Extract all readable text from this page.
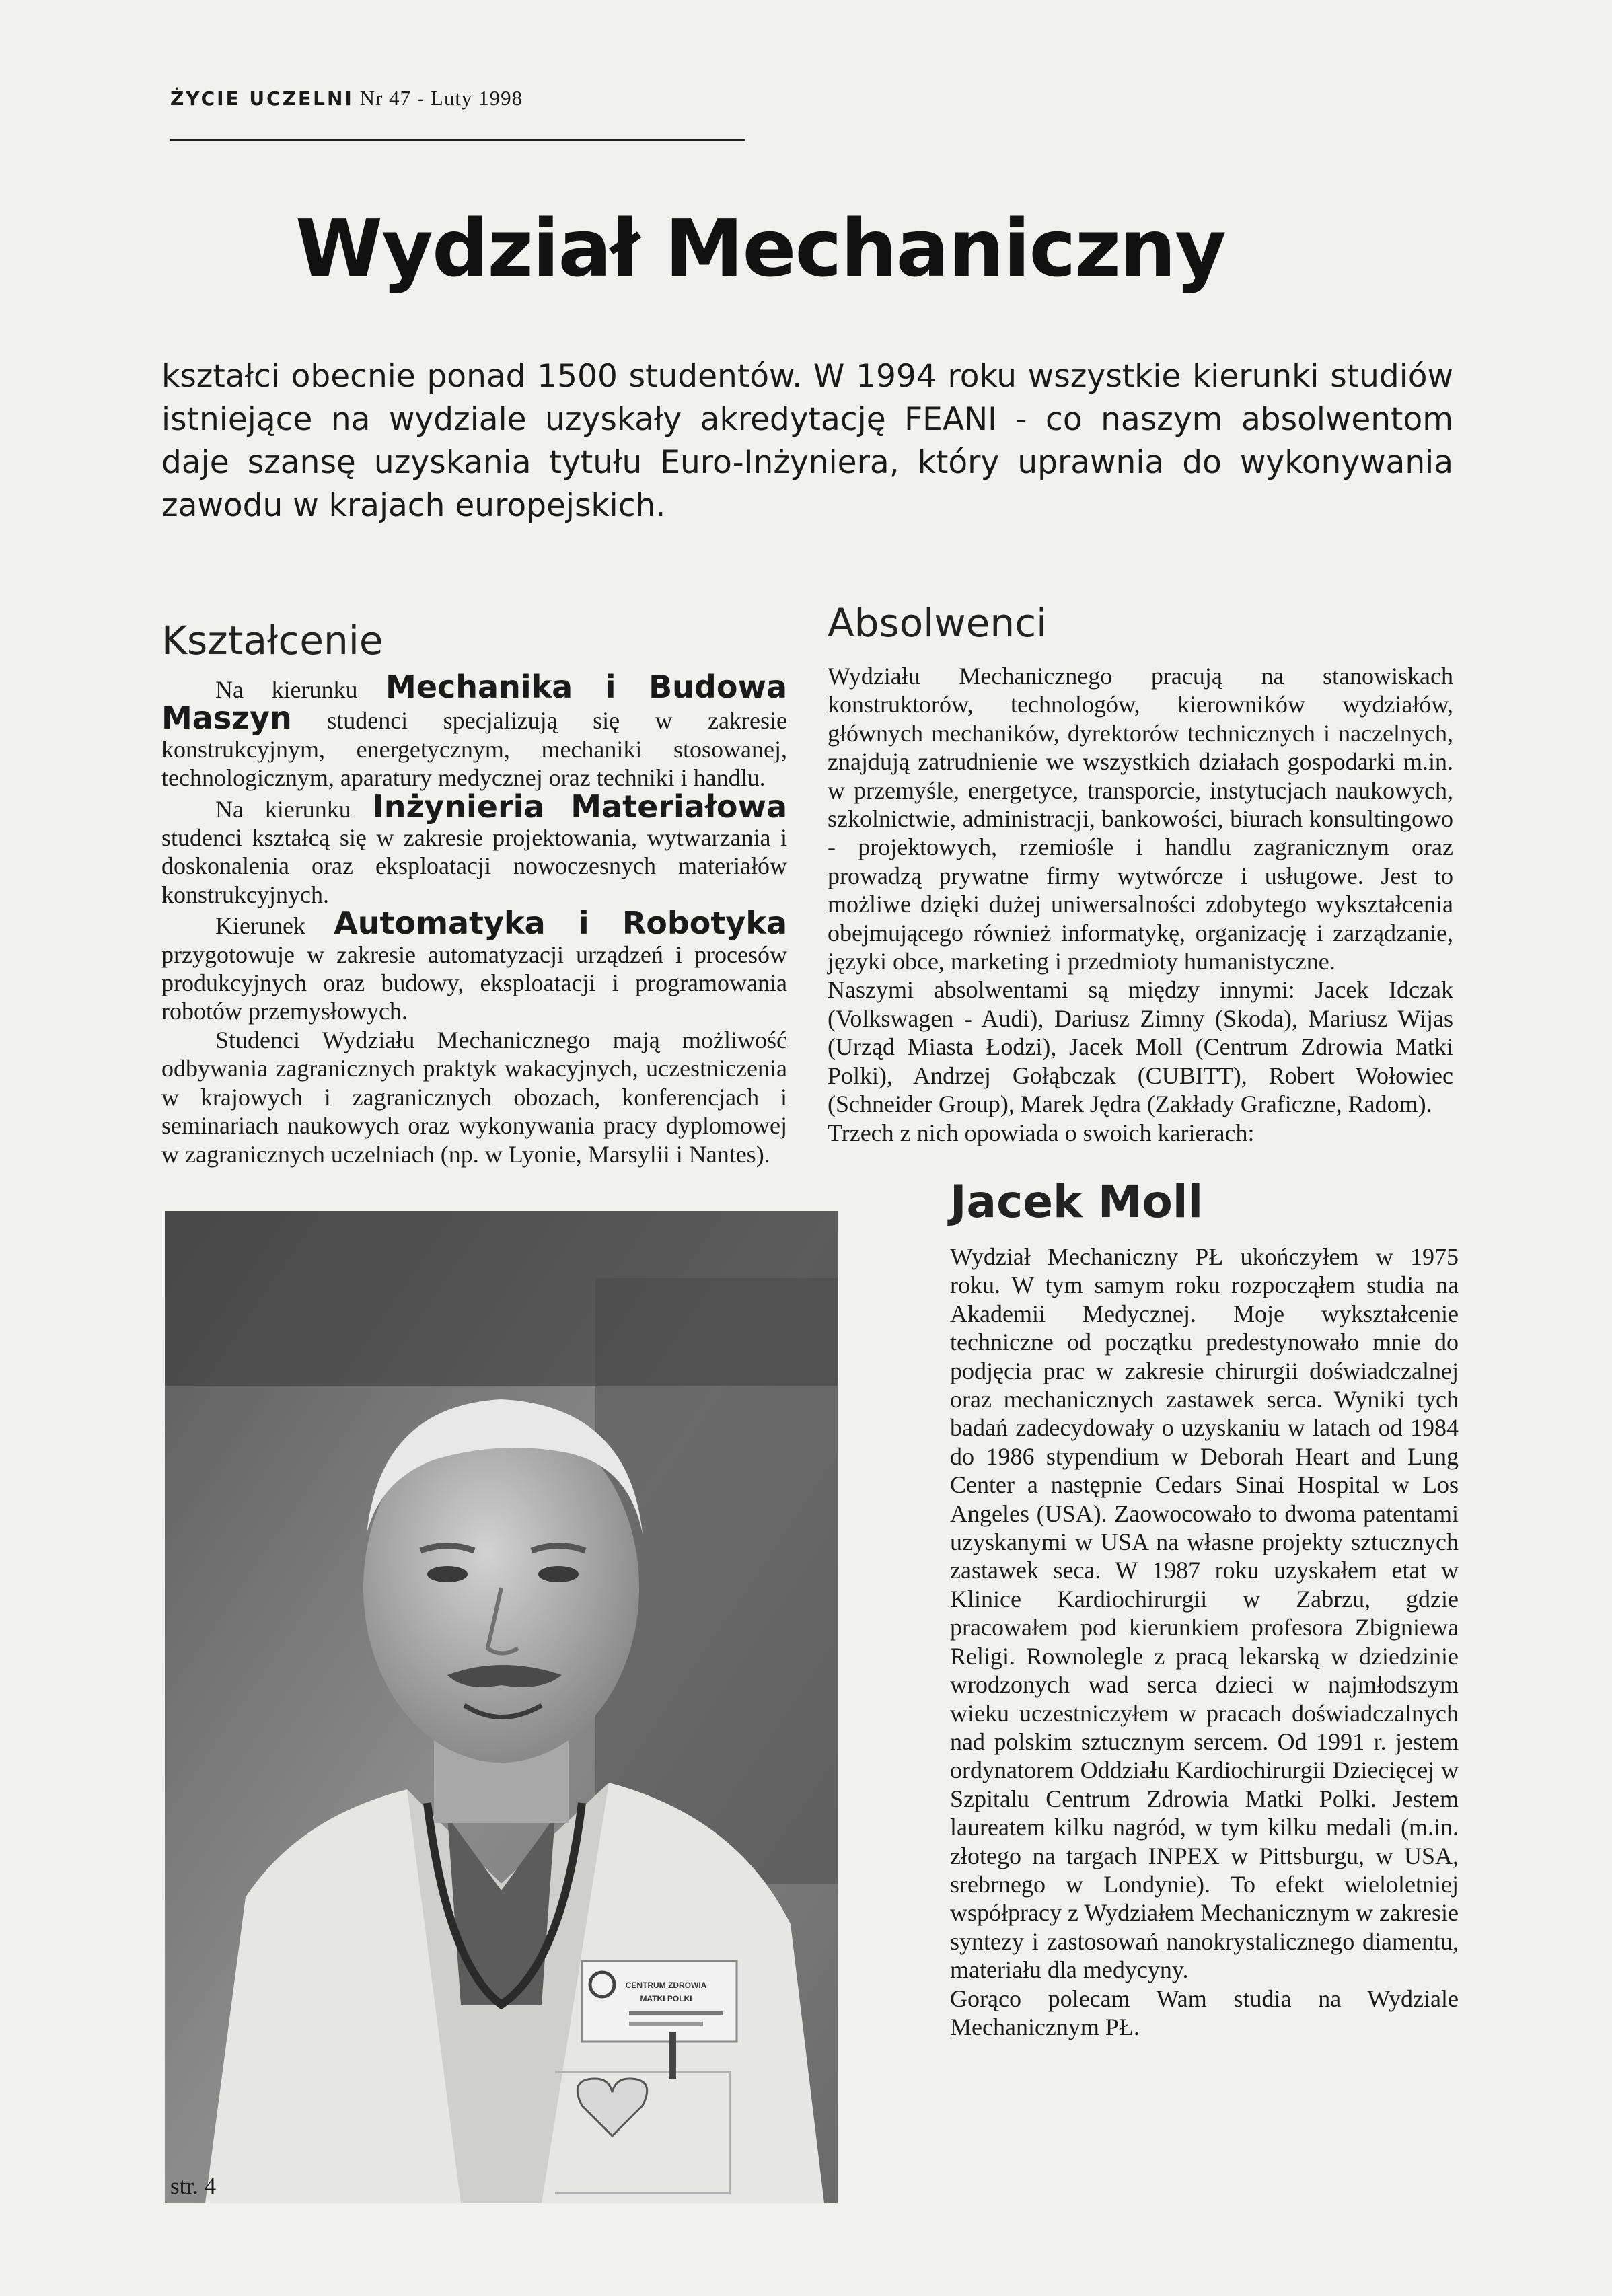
ŻYCIE UCZELNI Nr 47 - Luty 1998
Wydział Mechaniczny
kształci obecnie ponad 1500 studentów. W 1994 roku wszystkie kierunki studiów istniejące na wydziale uzyskały akredytację FEANI - co naszym absolwentom daje szansę uzyskania tytułu Euro-Inżyniera, który uprawnia do wykonywania zawodu w krajach europejskich.
Kształcenie

Na kierunku Mechanika i Budowa Maszyn studenci specjalizują się w zakresie konstrukcyjnym, energetycznym, mechaniki stosowanej, technologicznym, aparatury medycznej oraz techniki i handlu.

Na kierunku Inżynieria Materiałowa studenci kształcą się w zakresie projektowania, wytwarzania i doskonalenia oraz eksploatacji nowoczesnych materiałów konstrukcyjnych.

Kierunek Automatyka i Robotyka przygotowuje w zakresie automatyzacji urządzeń i procesów produkcyjnych oraz budowy, eksploatacji i programowania robotów przemysłowych.

Studenci Wydziału Mechanicznego mają możliwość odbywania zagranicznych praktyk wakacyjnych, uczestniczenia w krajowych i zagranicznych obozach, konferencjach i seminariach naukowych oraz wykonywania pracy dyplomowej w zagranicznych uczelniach (np. w Lyonie, Marsylii i Nantes).

Absolwenci

Wydziału Mechanicznego pracują na stanowiskach konstruktorów, technologów, kierowników wydziałów, głównych mechaników, dyrektorów technicznych i naczelnych, znajdują zatrudnienie we wszystkich działach gospodarki m.in. w przemyśle, energetyce, transporcie, instytucjach naukowych, szkolnictwie, administracji, bankowości, biurach konsultingowo - projektowych, rzemiośle i handlu zagranicznym oraz prowadzą prywatne firmy wytwórcze i usługowe. Jest to możliwe dzięki dużej uniwersalności zdobytego wykształcenia obejmującego również informatykę, organizację i zarządzanie, języki obce, marketing i przedmioty humanistyczne.

Naszymi absolwentami są między innymi: Jacek Idczak (Volkswagen - Audi), Dariusz Zimny (Skoda), Mariusz Wijas (Urząd Miasta Łodzi), Jacek Moll (Centrum Zdrowia Matki Polki), Andrzej Gołąbczak (CUBITT), Robert Wołowiec (Schneider Group), Marek Jędra (Zakłady Graficzne, Radom).

Trzech z nich opowiada o swoich karierach:

Jacek Moll

Wydział Mechaniczny PŁ ukończyłem w 1975 roku. W tym samym roku rozpocząłem studia na Akademii Medycznej. Moje wykształcenie techniczne od początku predestynowało mnie do podjęcia prac w zakresie chirurgii doświadczalnej oraz mechanicznych zastawek serca. Wyniki tych badań zadecydowały o uzyskaniu w latach od 1984 do 1986 stypendium w Deborah Heart and Lung Center a następnie Cedars Sinai Hospital w Los Angeles (USA). Zaowocowało to dwoma patentami uzyskanymi w USA na własne projekty sztucznych zastawek seca. W 1987 roku uzyskałem etat w Klinice Kardiochirurgii w Zabrzu, gdzie pracowałem pod kierunkiem profesora Zbigniewa Religi. Rownolegle z pracą lekarską w dziedzinie wrodzonych wad serca dzieci w najmłodszym wieku uczestniczyłem w pracach doświadczalnych nad polskim sztucznym sercem. Od 1991 r. jestem ordynatorem Oddziału Kardiochirurgii Dziecięcej w Szpitalu Centrum Zdrowia Matki Polki. Jestem laureatem kilku nagród, w tym kilku medali (m.in. złotego na targach INPEX w Pittsburgu, w USA, srebrnego w Londynie). To efekt wieloletniej współpracy z Wydziałem Mechanicznym w zakresie syntezy i zastosowań nanokrystalicznego diamentu, materiału dla medycyny.

Gorąco polecam Wam studia na Wydziale Mechanicznym PŁ.

CENTRUM ZDROWIA
MATKI POLKI
str. 4
